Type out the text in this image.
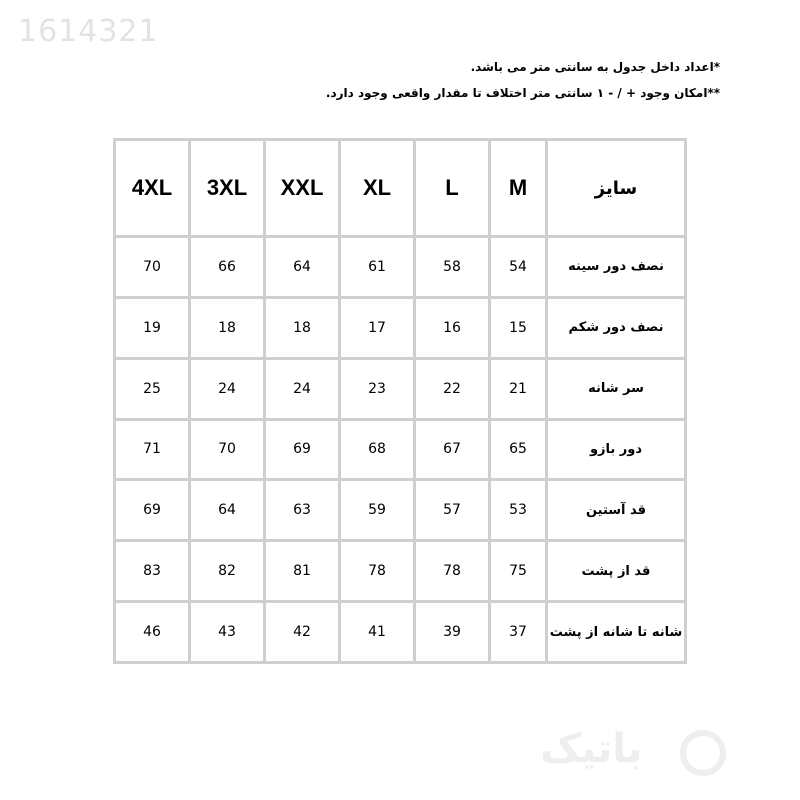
1614321
*اعداد داخل جدول به سانتی متر می باشد.
**امکان وجود + / - ۱ سانتی متر اختلاف تا مقدار واقعی وجود دارد.
4XL	3XL	XXL	XL	L	M	سایز
70	66	64	61	58	54	نصف دور سینه
19	18	18	17	16	15	نصف دور شکم
25	24	24	23	22	21	سر شانه
71	70	69	68	67	65	دور بازو
69	64	63	59	57	53	قد آستین
83	82	81	78	78	75	قد از پشت
46	43	42	41	39	37	شانه تا شانه از پشت
باتیک
